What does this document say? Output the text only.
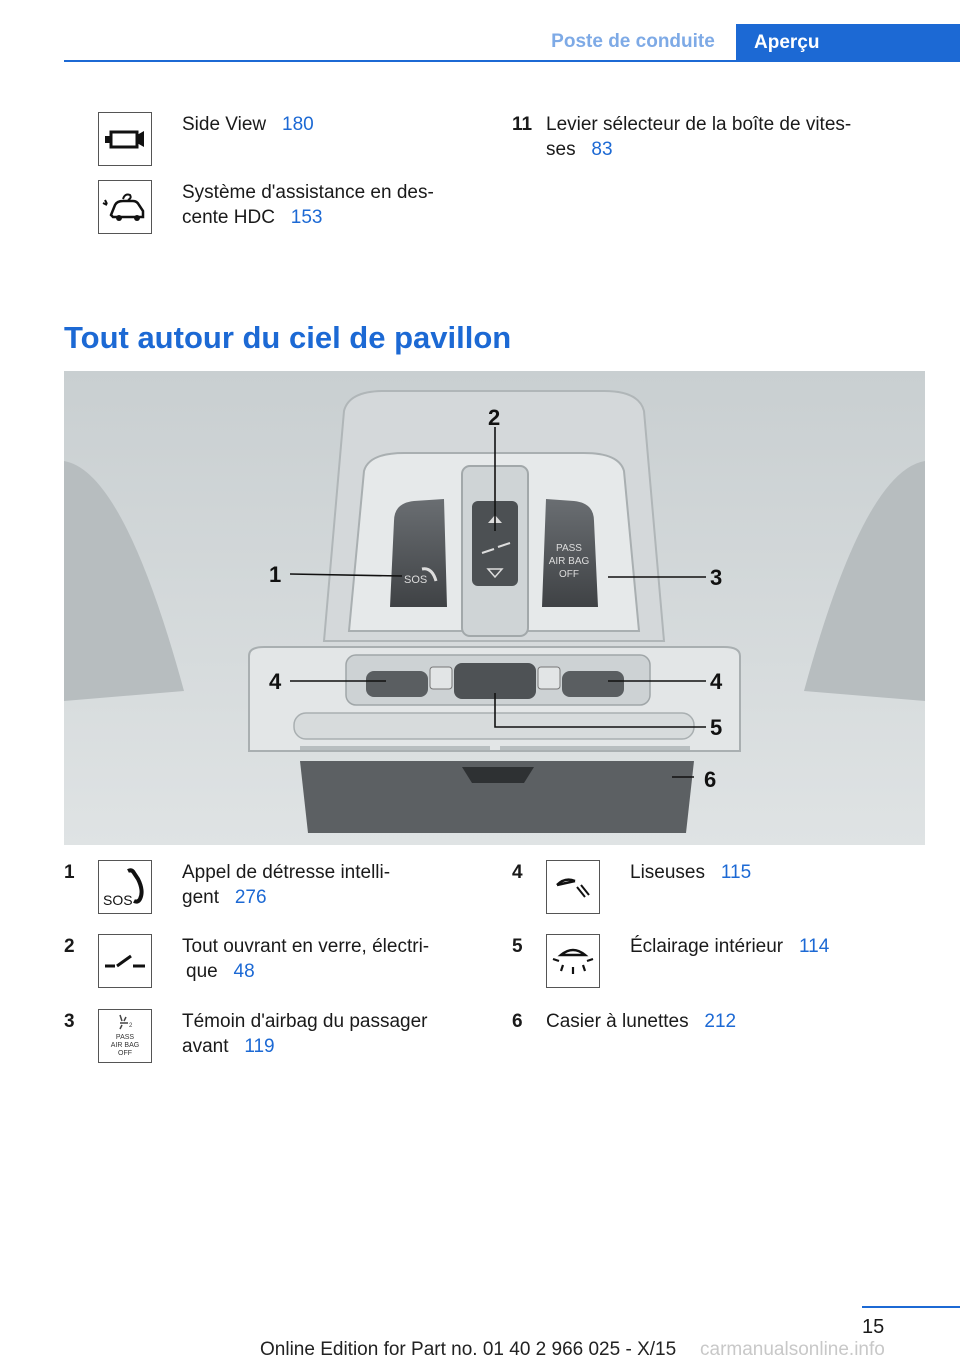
Poste de conduite	Aperçu
Side View 180
Système d'assistance en des-
cente HDC 153
11 Levier sélecteur de la boîte de vites-
ses 83
Tout autour du ciel de pavillon
SOS
PASS
AIR BAG
OFF
1
2
3
4	4
5
6
1
SOS
Appel de détresse intelli-
gent 276
2	Tout ouvrant en verre, électri-
que 48
3	2
PASS
AIR BAG
OFF
Témoin d'airbag du passager
avant 119
4	Liseuses 115
5	Éclairage intérieur 114
6 Casier à lunettes 212
15
Online Edition for Part no. 01 40 2 966 025 - X/15 carmanualsonline.info
